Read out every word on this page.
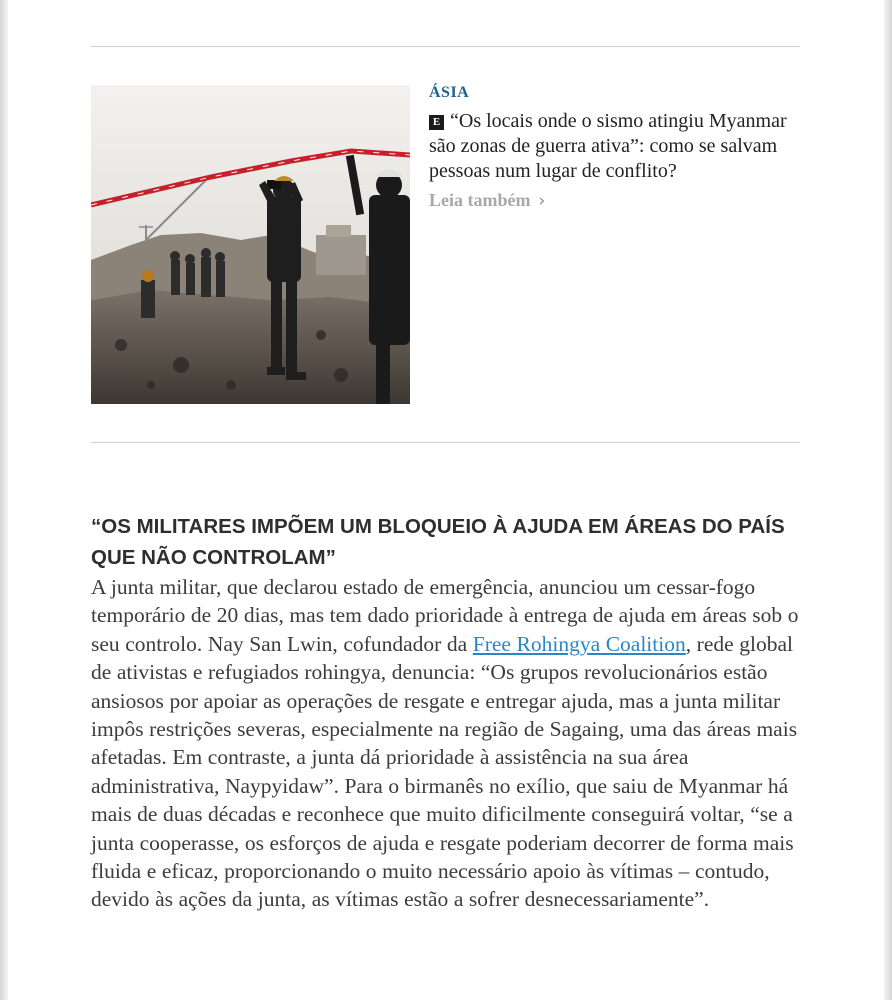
ÁSIA
E “Os locais onde o sismo atingiu Myanmar são zonas de guerra ativa”: como se salvam pessoas num lugar de conflito?
Leia também ›
“OS MILITARES IMPÕEM UM BLOQUEIO À AJUDA EM ÁREAS DO PAÍS QUE NÃO CONTROLAM”

A junta militar, que declarou estado de emergência, anunciou um cessar-fogo temporário de 20 dias, mas tem dado prioridade à entrega de ajuda em áreas sob o seu controlo. Nay San Lwin, cofundador da Free Rohingya Coalition, rede global de ativistas e refugiados rohingya, denuncia: “Os grupos revolucionários estão ansiosos por apoiar as operações de resgate e entregar ajuda, mas a junta militar impôs restrições severas, especialmente na região de Sagaing, uma das áreas mais afetadas. Em contraste, a junta dá prioridade à assistência na sua área administrativa, Naypyidaw”. Para o birmanês no exílio, que saiu de Myanmar há mais de duas décadas e reconhece que muito dificilmente conseguirá voltar, “se a junta cooperasse, os esforços de ajuda e resgate poderiam decorrer de forma mais fluida e eficaz, proporcionando o muito necessário apoio às vítimas – contudo, devido às ações da junta, as vítimas estão a sofrer desnecessariamente”.
